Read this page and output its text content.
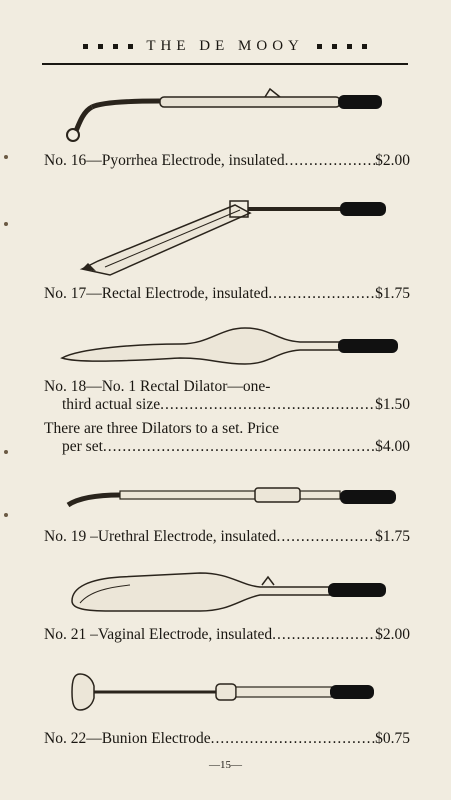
THE DE MOOY
No. 16—Pyorrhea Electrode, insulated .....	$2.00
No. 17—Rectal Electrode, insulated .....	$1.75
No. 18—No. 1 Rectal Dilator—one-
third actual size .....	$1.50
There are three Dilators to a set. Price
per set .....	$4.00
No. 19 –Urethral Electrode, insulated .....	$1.75
No. 21 –Vaginal Electrode, insulated .....	$2.00
No. 22—Bunion Electrode .....	$0.75
—15—
